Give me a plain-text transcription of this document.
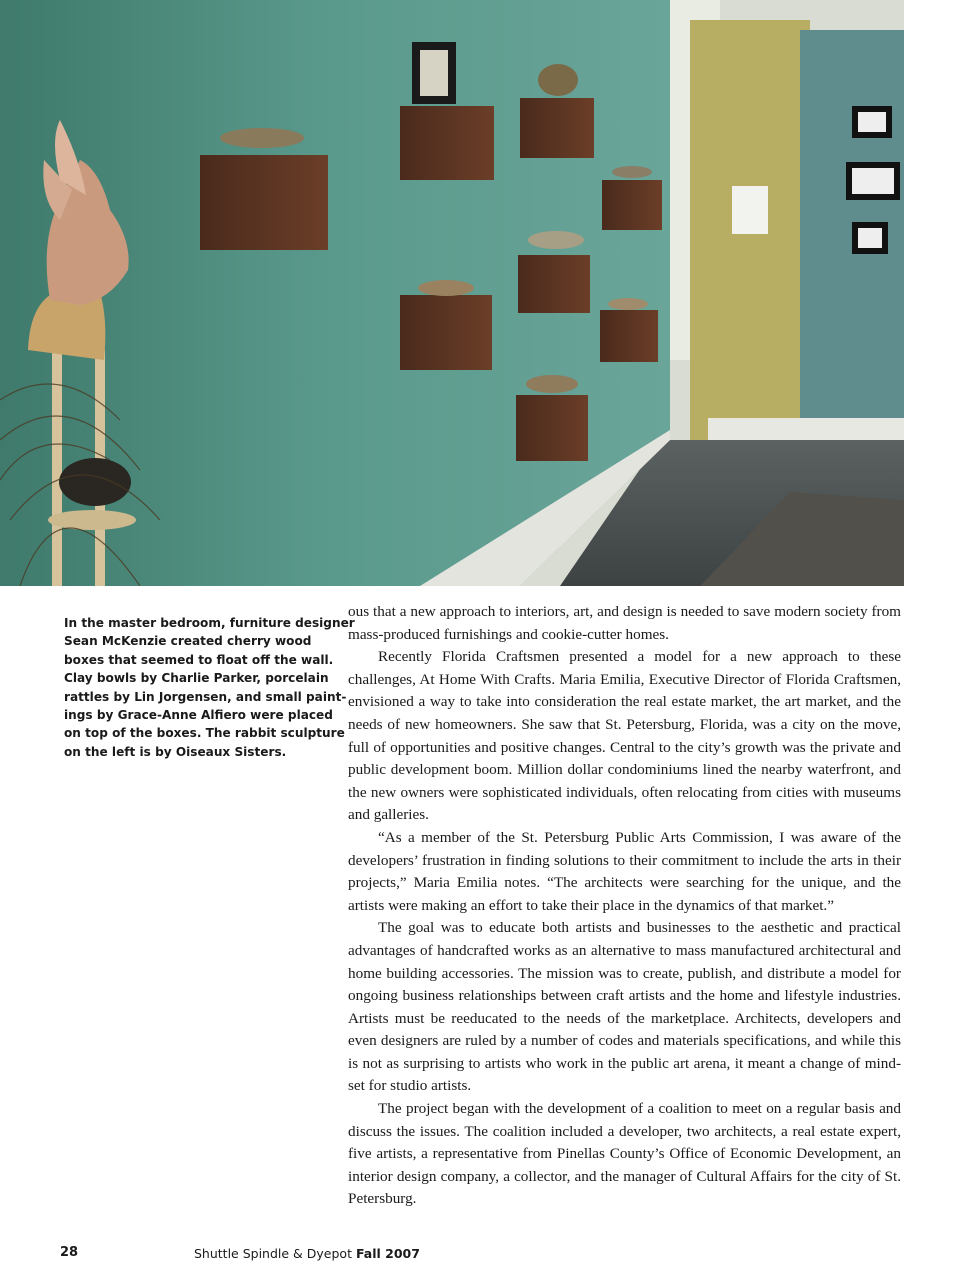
In the master bedroom, furniture designer
Sean McKenzie created cherry wood
boxes that seemed to float off the wall.
Clay bowls by Charlie Parker, porcelain
rattles by Lin Jorgensen, and small paint-
ings by Grace-Anne Alfiero were placed
on top of the boxes. The rabbit sculpture
on the left is by Oiseaux Sisters.

ous that a new approach to interiors, art, and design is needed to save modern society from mass-produced furnishings and cookie-cutter homes.

Recently Florida Craftsmen presented a model for a new approach to these challenges, At Home With Crafts. Maria Emilia, Executive Director of Florida Craftsmen, envisioned a way to take into consideration the real estate market, the art market, and the needs of new homeowners. She saw that St. Petersburg, Florida, was a city on the move, full of opportunities and positive changes. Central to the city’s growth was the private and public development boom. Million dollar condominiums lined the nearby waterfront, and the new owners were sophisticated individuals, often relocating from cities with museums and galleries.

“As a member of the St. Petersburg Public Arts Commission, I was aware of the developers’ frustration in finding solutions to their commitment to include the arts in their projects,” Maria Emilia notes. “The architects were searching for the unique, and the artists were making an effort to take their place in the dynamics of that market.”

The goal was to educate both artists and businesses to the aesthetic and practical advantages of handcrafted works as an alternative to mass manufactured architectural and home building accessories. The mission was to create, publish, and distribute a model for ongoing business relationships between craft artists and the home and lifestyle industries. Artists must be reeducated to the needs of the marketplace. Architects, developers and even designers are ruled by a number of codes and materials specifications, and while this is not as surprising to artists who work in the public art arena, it meant a change of mind-set for studio artists.

The project began with the development of a coalition to meet on a regular basis and discuss the issues. The coalition included a developer, two architects, a real estate expert, five artists, a representative from Pinellas County’s Office of Economic Development, an interior design company, a collector, and the manager of Cultural Affairs for the city of St. Petersburg.

28	Shuttle Spindle & Dyepot Fall 2007
